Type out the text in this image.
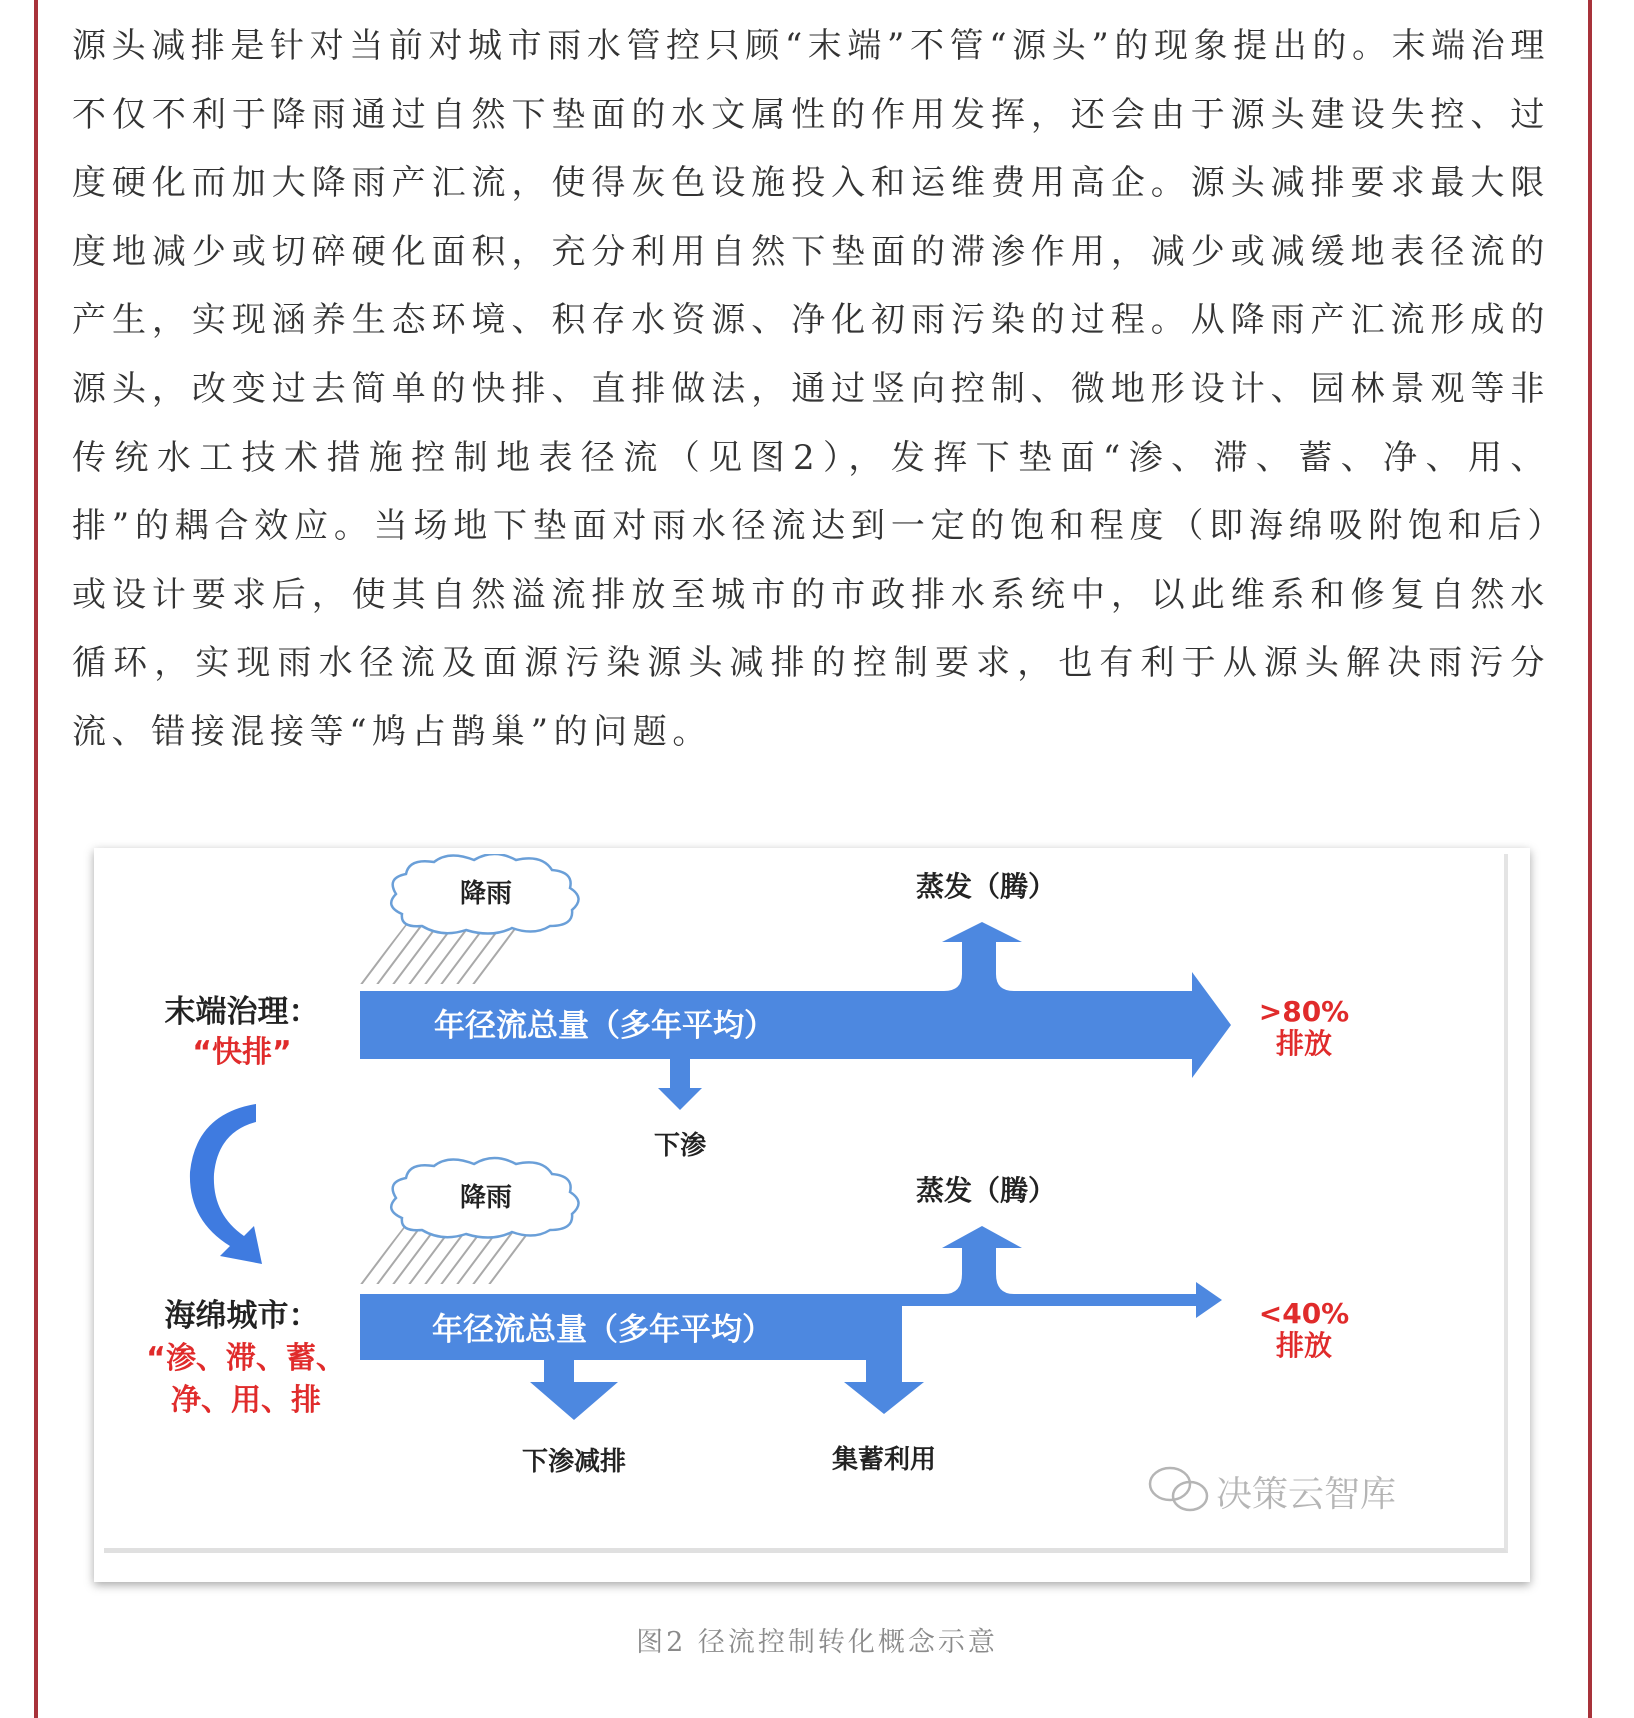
源头减排是针对当前对城市雨水管控只顾“末端”不管“源头”的现象提出的。末端治理不仅不利于降雨通过自然下垫面的水文属性的作用发挥，还会由于源头建设失控、过度硬化而加大降雨产汇流，使得灰色设施投入和运维费用高企。源头减排要求最大限度地减少或切碎硬化面积，充分利用自然下垫面的滞渗作用，减少或减缓地表径流的产生，实现涵养生态环境、积存水资源、净化初雨污染的过程。从降雨产汇流形成的源头，改变过去简单的快排、直排做法，通过竖向控制、微地形设计、园林景观等非传统水工技术措施控制地表径流（见图2），发挥下垫面“渗、滞、蓄、净、用、排”的耦合效应。当场地下垫面对雨水径流达到一定的饱和程度（即海绵吸附饱和后）或设计要求后，使其自然溢流排放至城市的市政排水系统中，以此维系和修复自然水循环，实现雨水径流及面源污染源头减排的控制要求，也有利于从源头解决雨污分流、错接混接等“鸠占鹊巢”的问题。

降雨	蒸发（腾）
年径流总量（多年平均）
下渗
>80%
排放
末端治理：
“快排”
降雨	蒸发（腾）
年径流总量（多年平均）
下渗减排	集蓄利用
<40%
排放
海绵城市：
“渗、滞、蓄、
净、用、排
决策云智库
图2 径流控制转化概念示意
